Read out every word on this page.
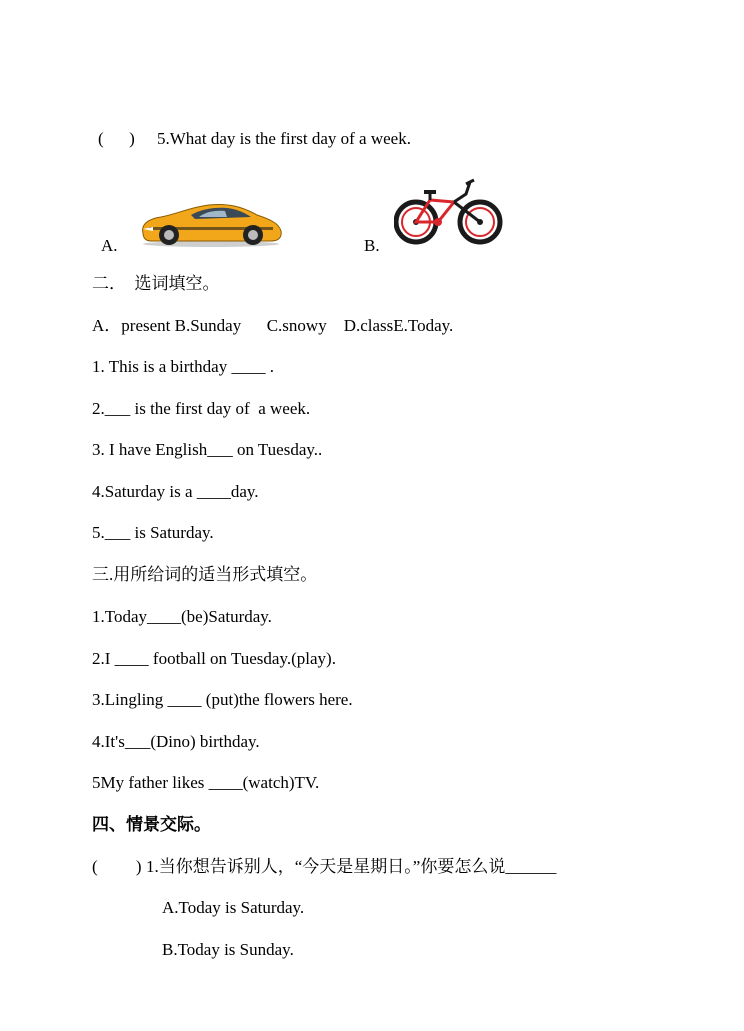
(      ) 5.What day is the first day of a week.
A.	B.
二．  选词填空。
A．present B.Sunday      C.snowy    D.classE.Today.
1. This is a birthday ____ .
2.___ is the first day of  a week.
3. I have English___ on Tuesday..
4.Saturday is a ____day.
5.___ is Saturday.
三.用所给词的适当形式填空。
1.Today____(be)Saturday.
2.I ____ football on Tuesday.(play).
3.Lingling ____ (put)the flowers here.
4.It's___(Dino) birthday.
5My father likes ____(watch)TV.
四、情景交际。
(         ) 1.当你想告诉别人，“今天是星期日。”你要怎么说______
A.Today is Saturday.
B.Today is Sunday.
